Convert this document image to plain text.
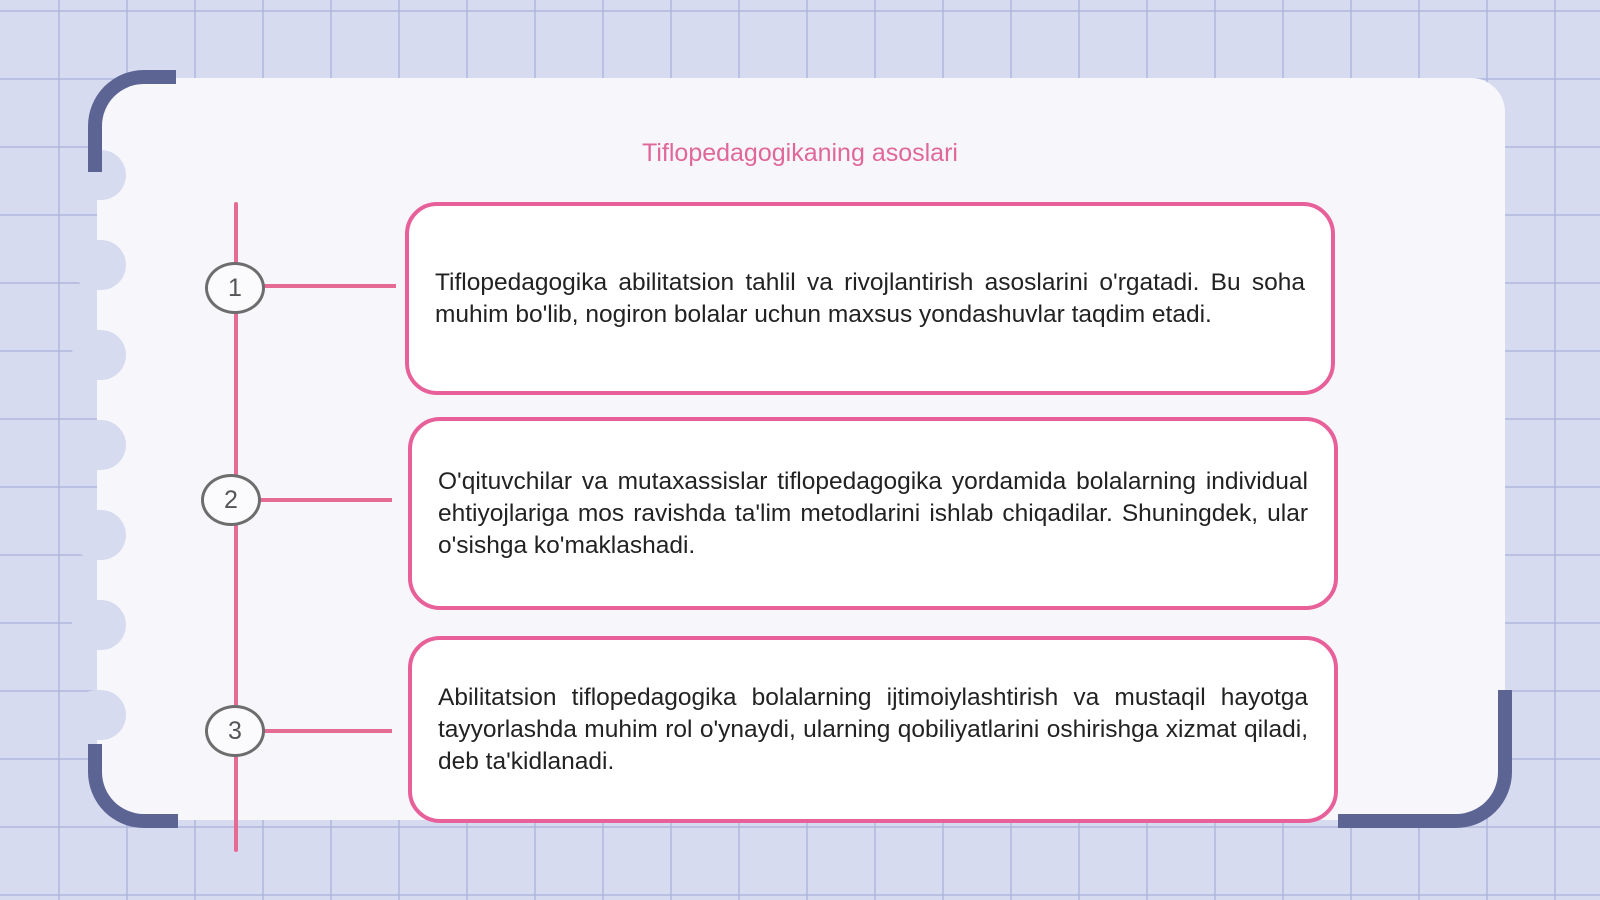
Tiflopedagogikaning asoslari
1	Tiflopedagogika abilitatsion tahlil va rivojlantirish asoslarini o'rgatadi. Bu soha muhim bo'lib, nogiron bolalar uchun maxsus yondashuvlar taqdim etadi.

2

O'qituvchilar va mutaxassislar tiflopedagogika yordamida bolalarning individual ehtiyojlariga mos ravishda ta'lim metodlarini ishlab chiqadilar. Shuningdek, ular o'sishga ko'maklashadi.

3

Abilitatsion tiflopedagogika bolalarning ijtimoiylashtirish va mustaqil hayotga tayyorlashda muhim rol o'ynaydi, ularning qobiliyatlarini oshirishga xizmat qiladi, deb ta'kidlanadi.
